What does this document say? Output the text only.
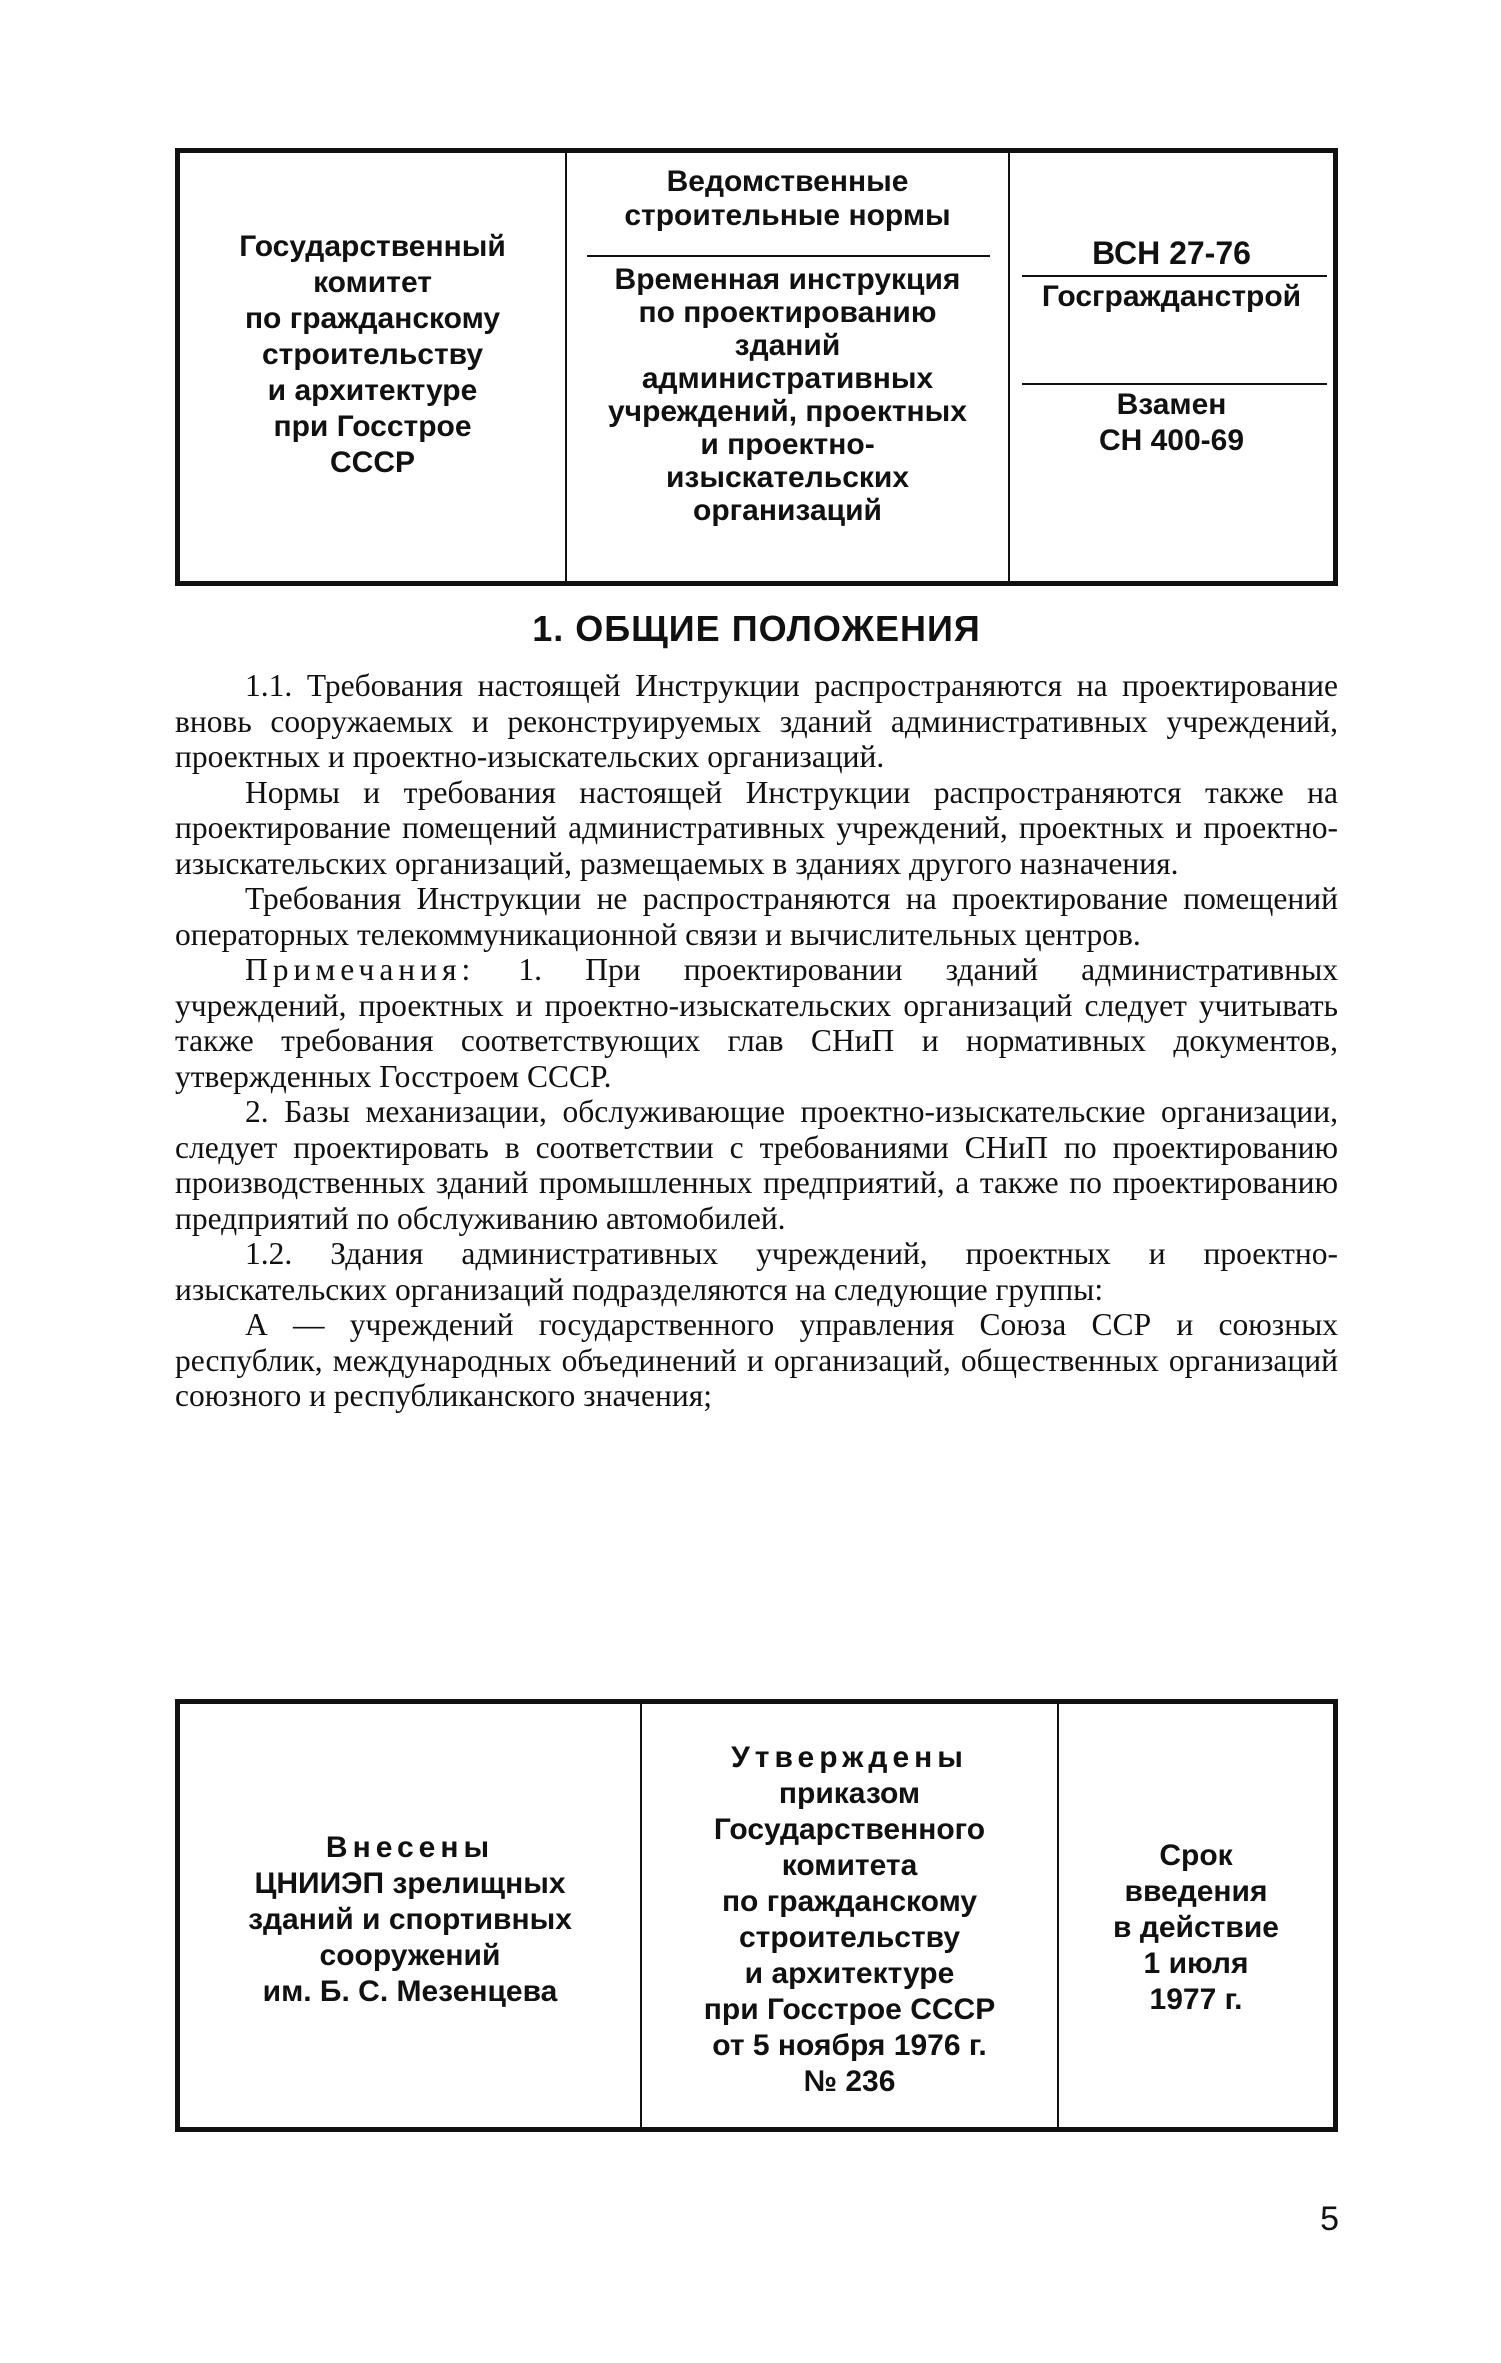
Государственный
комитет
по гражданскому
строительству
и архитектуре
при Госстрое
СССР
Ведомственные
строительные нормы
Временная инструкция
по проектированию
зданий
административных
учреждений, проектных
и проектно-
изыскательских
организаций
ВСН 27-76
Госгражданстрой
Взамен
СН 400-69
1. ОБЩИЕ ПОЛОЖЕНИЯ

1.1. Требования настоящей Инструкции распространяются на проектирование вновь сооружаемых и реконструируемых зданий административных учреждений, проектных и проектно-изыскательских организаций.

Нормы и требования настоящей Инструкции распространяются также на проектирование помещений административных учреждений, проектных и проектно-изыскательских организаций, размещаемых в зданиях другого назначения.

Требования Инструкции не распространяются на проектирование помещений операторных телекоммуникационной связи и вычислительных центров.

Примечания: 1. При проектировании зданий административных учреждений, проектных и проектно-изыскательских организаций следует учитывать также требования соответствующих глав СНиП и нормативных документов, утвержденных Госстроем СССР.

2. Базы механизации, обслуживающие проектно-изыскательские организации, следует проектировать в соответствии с требованиями СНиП по проектированию производственных зданий промышленных предприятий, а также по проектированию предприятий по обслуживанию автомобилей.

1.2. Здания административных учреждений, проектных и проектно-изыскательских организаций подразделяются на следующие группы:

А — учреждений государственного управления Союза ССР и союзных республик, международных объединений и организаций, общественных организаций союзного и республиканского значения;

Внесены
ЦНИИЭП зрелищных
зданий и спортивных
сооружений
им. Б. С. Мезенцева
Утверждены
приказом
Государственного
комитета
по гражданскому
строительству
и архитектуре
при Госстрое СССР
от 5 ноября 1976 г.
№ 236
Срок
введения
в действие
1 июля
1977 г.
5
